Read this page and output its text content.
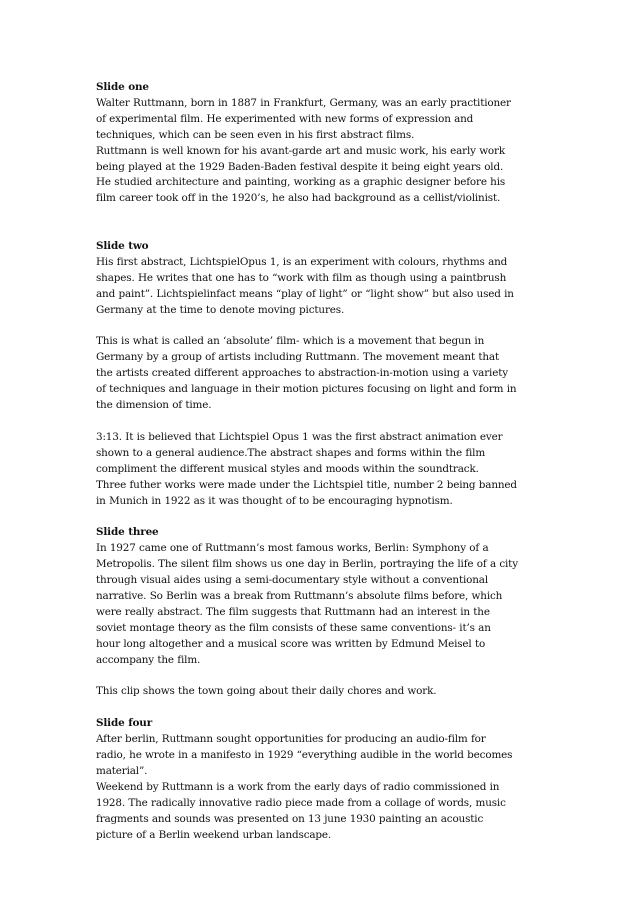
Slide one
Walter Ruttmann, born in 1887 in Frankfurt, Germany, was an early practitioner
of experimental film. He experimented with new forms of expression and
techniques, which can be seen even in his first abstract films.
Ruttmann is well known for his avant-garde art and music work, his early work
being played at the 1929 Baden-Baden festival despite it being eight years old.
He studied architecture and painting, working as a graphic designer before his
film career took off in the 1920’s, he also had background as a cellist/violinist.
Slide two
His first abstract, LichtspielOpus 1, is an experiment with colours, rhythms and
shapes. He writes that one has to “work with film as though using a paintbrush
and paint”. Lichtspielinfact means “play of light” or “light show” but also used in
Germany at the time to denote moving pictures.
This is what is called an ‘absolute’ film- which is a movement that begun in
Germany by a group of artists including Ruttmann. The movement meant that
the artists created different approaches to abstraction-in-motion using a variety
of techniques and language in their motion pictures focusing on light and form in
the dimension of time.
3:13. It is believed that Lichtspiel Opus 1 was the first abstract animation ever
shown to a general audience.The abstract shapes and forms within the film
compliment the different musical styles and moods within the soundtrack.
Three futher works were made under the Lichtspiel title, number 2 being banned
in Munich in 1922 as it was thought of to be encouraging hypnotism.
Slide three
In 1927 came one of Ruttmann’s most famous works, Berlin: Symphony of a
Metropolis. The silent film shows us one day in Berlin, portraying the life of a city
through visual aides using a semi-documentary style without a conventional
narrative. So Berlin was a break from Ruttmann’s absolute films before, which
were really abstract. The film suggests that Ruttmann had an interest in the
soviet montage theory as the film consists of these same conventions- it’s an
hour long altogether and a musical score was written by Edmund Meisel to
accompany the film.
This clip shows the town going about their daily chores and work.
Slide four
After berlin, Ruttmann sought opportunities for producing an audio-film for
radio, he wrote in a manifesto in 1929 “everything audible in the world becomes
material”.
Weekend by Ruttmann is a work from the early days of radio commissioned in
1928. The radically innovative radio piece made from a collage of words, music
fragments and sounds was presented on 13 june 1930 painting an acoustic
picture of a Berlin weekend urban landscape.
